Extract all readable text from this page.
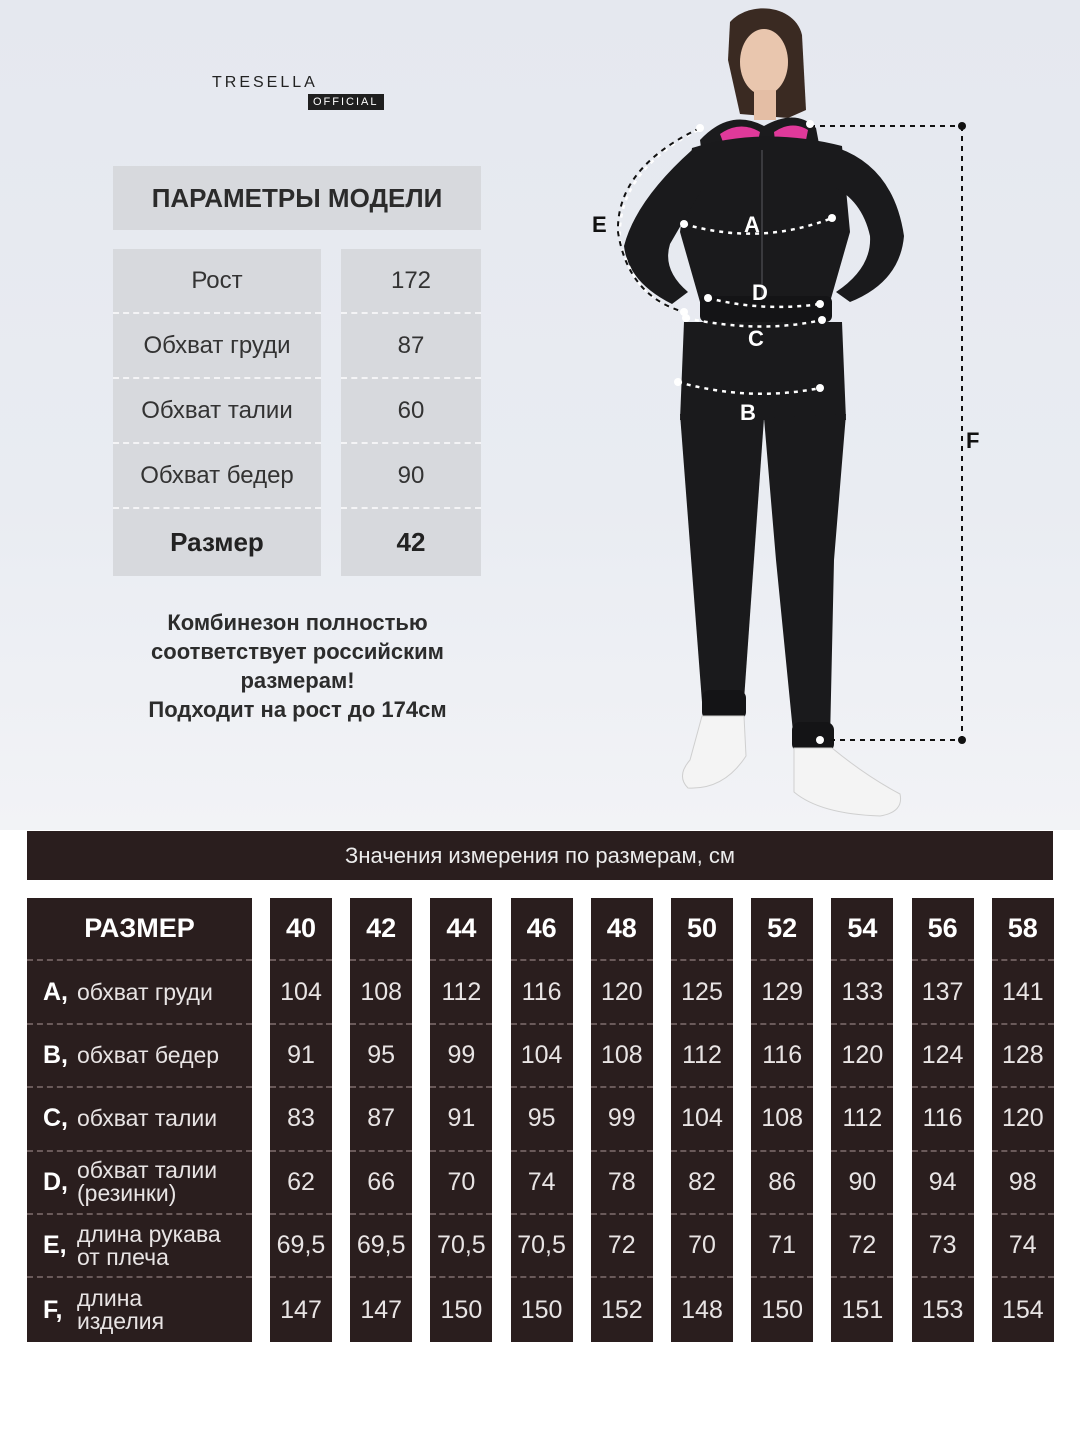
TRESELLA
OFFICIAL
ПАРАМЕТРЫ МОДЕЛИ
Рост
Обхват груди
Обхват талии
Обхват бедер
Размер
172
87
60
90
42
Комбинезон полностью
соответствует российским
размерам!
Подходит на рост до 174см
A
D
C
B
E
F
Значения измерения по размерам, см
РАЗМЕР
A, обхват груди
B, обхват бедер
C, обхват талии
D, обхват талии
(резинки)
E, длина рукава
от плеча
F, длина
изделия
40
104
91
83
62
69,5
147
42
108
95
87
66
69,5
147
44
112
99
91
70
70,5
150
46
116
104
95
74
70,5
150
48
120
108
99
78
72
152
50
125
112
104
82
70
148
52
129
116
108
86
71
150
54
133
120
112
90
72
151
56
137
124
116
94
73
153
58
141
128
120
98
74
154
